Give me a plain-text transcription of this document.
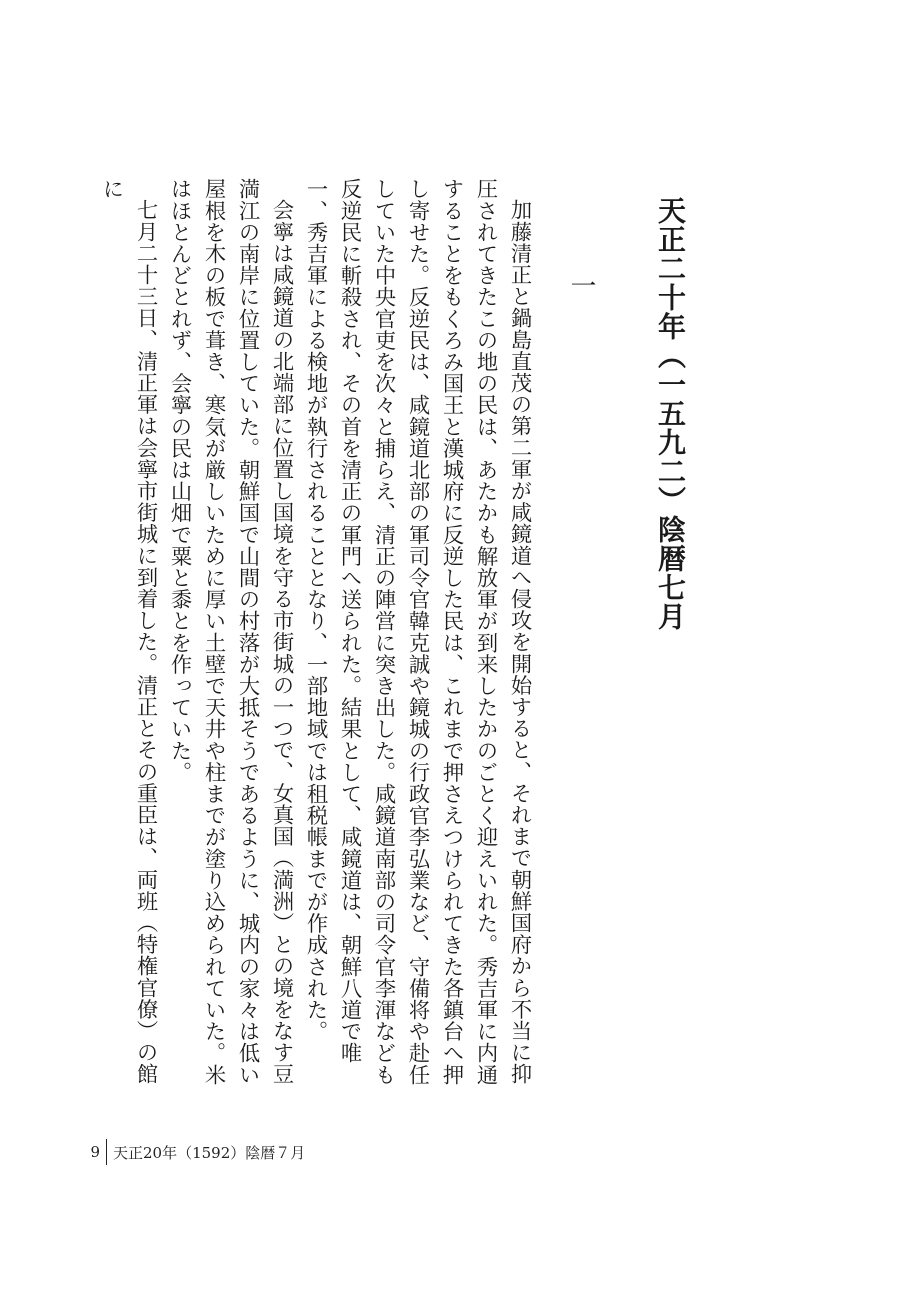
天正二十年（一五九二）陰暦七月
一

加藤清正と鍋島直茂の第二軍が咸鏡道へ侵攻を開始すると、それまで朝鮮国府から不当に抑圧されてきたこの地の民は、あたかも解放軍が到来したかのごとく迎えいれた。秀吉軍に内通することをもくろみ国王と漢城府に反逆した民は、これまで押さえつけられてきた各鎮台へ押し寄せた。反逆民は、咸鏡道北部の軍司令官韓克誠や鏡城の行政官李弘業など、守備将や赴任していた中央官吏を次々と捕らえ、清正の陣営に突き出した。咸鏡道南部の司令官李渾なども反逆民に斬殺され、その首を清正の軍門へ送られた。結果として、咸鏡道は、朝鮮八道で唯一、秀吉軍による検地が執行されることとなり、一部地域では租税帳までが作成された。

会寧は咸鏡道の北端部に位置し国境を守る市街城の一つで、女真国（満洲）との境をなす豆満江の南岸に位置していた。朝鮮国で山間の村落が大抵そうであるように、城内の家々は低い屋根を木の板で葺き、寒気が厳しいために厚い土壁で天井や柱までが塗り込められていた。米はほとんどとれず、会寧の民は山畑で粟と黍とを作っていた。

七月二十三日、清正軍は会寧市街城に到着した。清正とその重臣は、両班（特権官僚）の館に

9 天正20年（1592）陰暦７月
